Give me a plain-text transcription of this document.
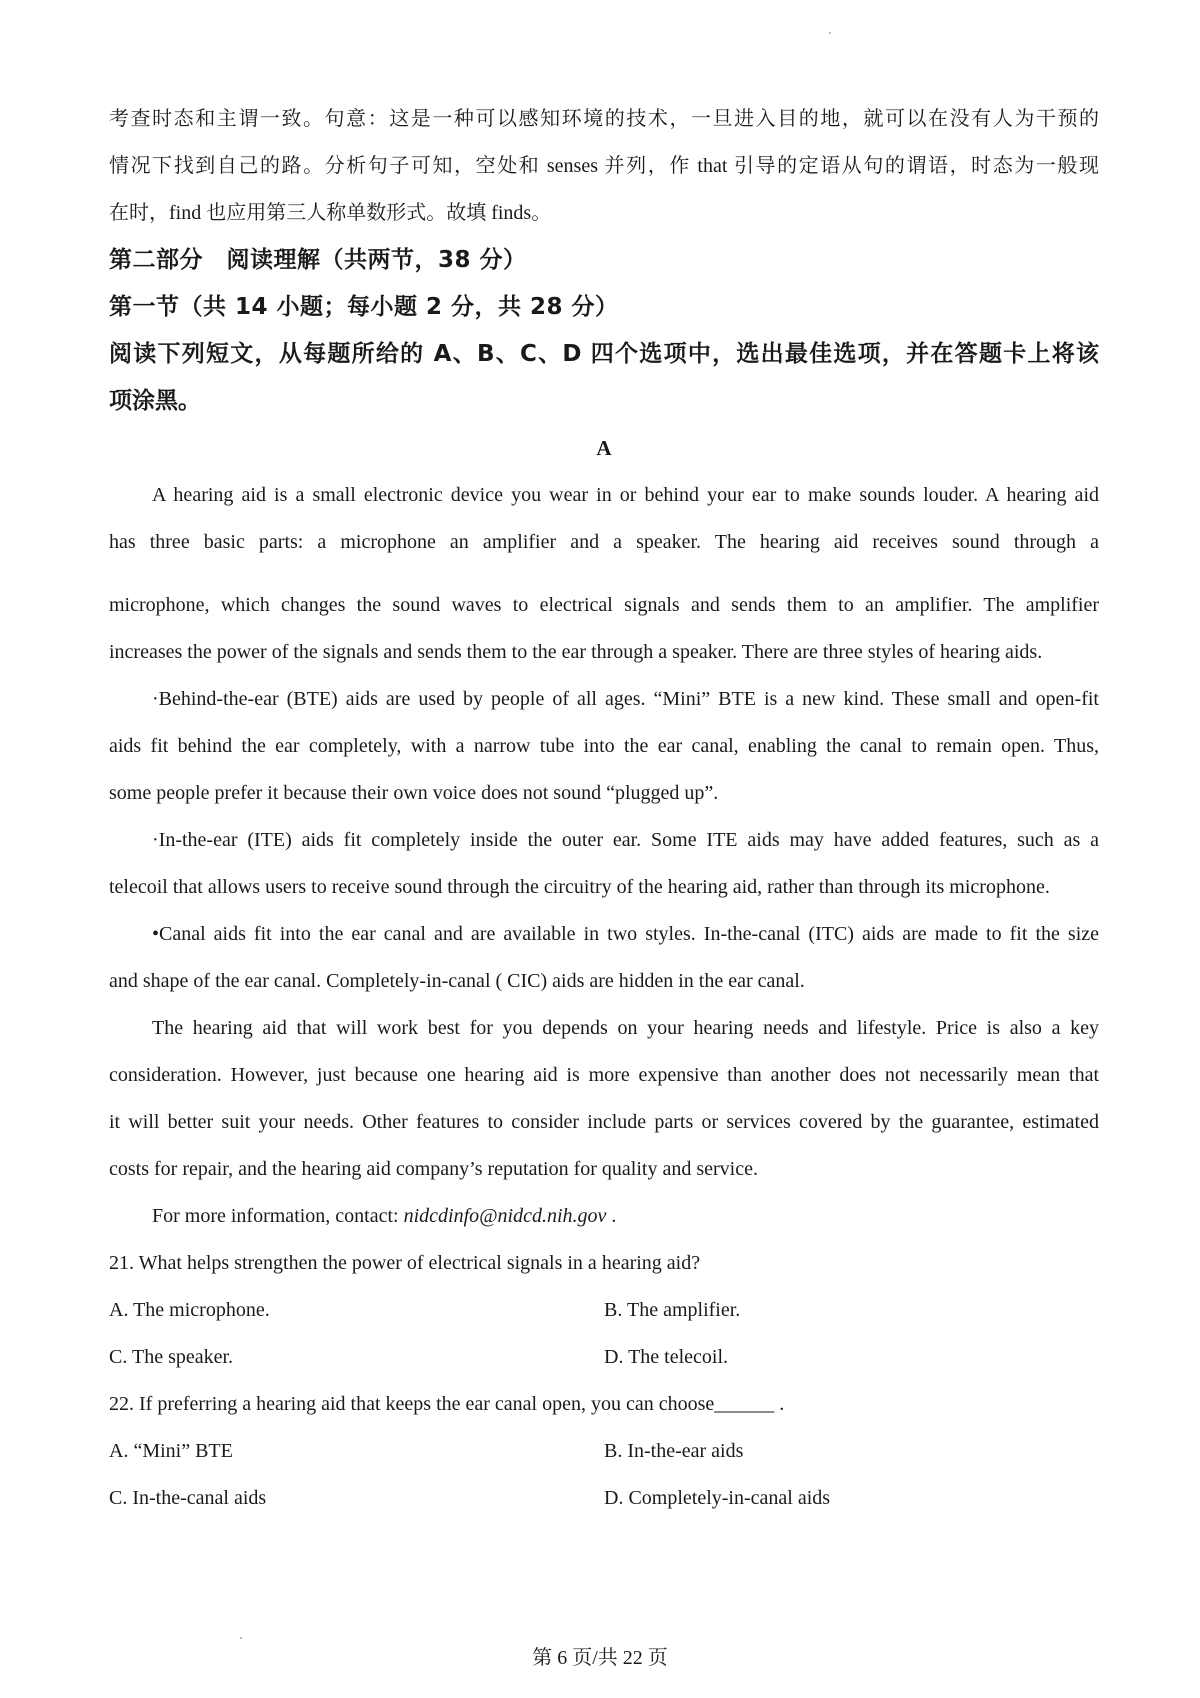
考查时态和主谓一致。句意：这是一种可以感知环境的技术，一旦进入目的地，就可以在没有人为干预的

情况下找到自己的路。分析句子可知，空处和 senses 并列，作 that 引导的定语从句的谓语，时态为一般现

在时，find 也应用第三人称单数形式。故填 finds。

第二部分　阅读理解（共两节，38 分）

第一节（共 14 小题；每小题 2 分，共 28 分）

阅读下列短文，从每题所给的 A、B、C、D 四个选项中，选出最佳选项，并在答题卡上将该

项涂黑。

A

A hearing aid is a small electronic device you wear in or behind your ear to make sounds louder. A hearing aid

has three basic parts: a microphone an amplifier and a speaker. The hearing aid receives sound through a

microphone, which changes the sound waves to electrical signals and sends them to an amplifier. The amplifier

increases the power of the signals and sends them to the ear through a speaker. There are three styles of hearing aids.

·Behind-the-ear (BTE) aids are used by people of all ages. “Mini” BTE is a new kind. These small and open-fit

aids fit behind the ear completely, with a narrow tube into the ear canal, enabling the canal to remain open. Thus,

some people prefer it because their own voice does not sound “plugged up”.

·In-the-ear (ITE) aids fit completely inside the outer ear. Some ITE aids may have added features, such as a

telecoil that allows users to receive sound through the circuitry of the hearing aid, rather than through its microphone.

•Canal aids fit into the ear canal and are available in two styles. In-the-canal (ITC) aids are made to fit the size

and shape of the ear canal. Completely-in-canal ( CIC) aids are hidden in the ear canal.

The hearing aid that will work best for you depends on your hearing needs and lifestyle. Price is also a key

consideration. However, just because one hearing aid is more expensive than another does not necessarily mean that

it will better suit your needs. Other features to consider include parts or services covered by the guarantee, estimated

costs for repair, and the hearing aid company’s reputation for quality and service.

For more information, contact: nidcdinfo@nidcd.nih.gov .

21. What helps strengthen the power of electrical signals in a hearing aid?

A. The microphone.	B. The amplifier.
C. The speaker.	D. The telecoil.

22. If preferring a hearing aid that keeps the ear canal open, you can choose______ .

A. “Mini” BTE	B. In-the-ear aids
C. In-the-canal aids	D. Completely-in-canal aids
第 6 页/共 22 页
